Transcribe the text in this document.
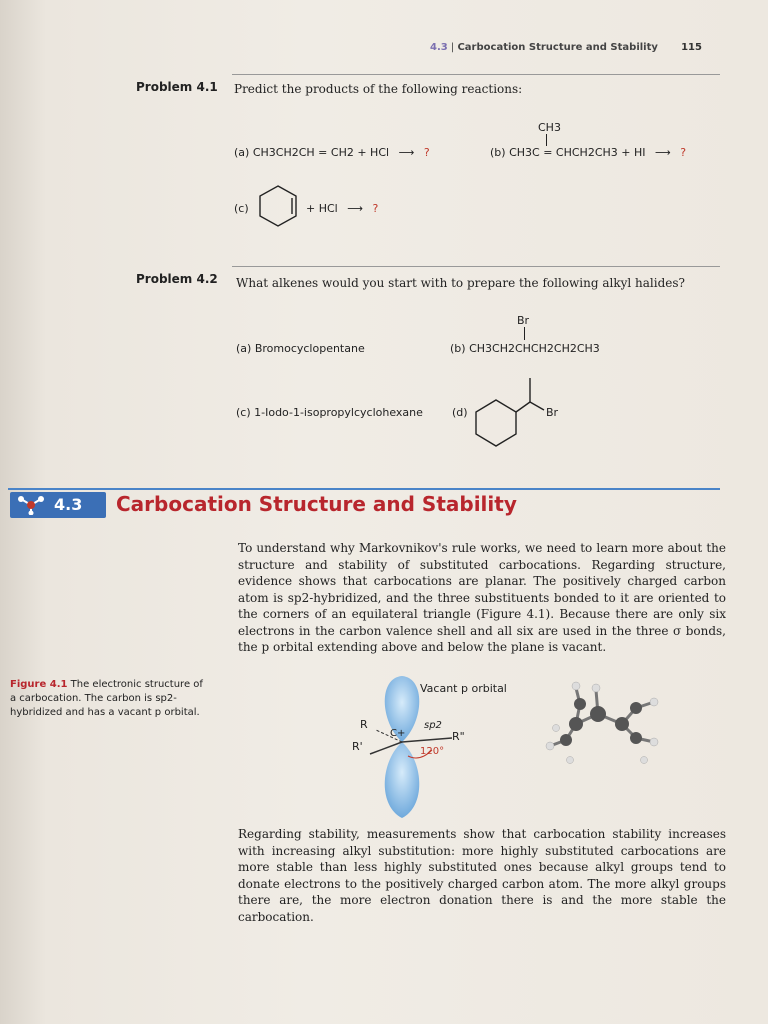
4.3 | Carbocation Structure and Stability 115
Problem 4.1 Predict the products of the following reactions:
(a) CH3CH2CH = CH2 + HCl ⟶ ?
CH3
(b) CH3C = CHCH2CH3 + HI ⟶ ?
(c)	+ HCl ⟶ ?
Problem 4.2 What alkenes would you start with to prepare the following alkyl halides?
(a) Bromocyclopentane
Br
(b) CH3CH2CHCH2CH2CH3
(c) 1-Iodo-1-isopropylcyclohexane	(d)	Br
4.3 Carbocation Structure and Stability
To understand why Markovnikov's rule works, we need to learn more about the structure and stability of substituted carbocations. Regarding structure, evidence shows that carbocations are planar. The positively charged carbon atom is sp2-hybridized, and the three substituents bonded to it are oriented to the corners of an equilateral triangle (Figure 4.1). Because there are only six electrons in the carbon valence shell and all six are used in the three σ bonds, the p orbital extending above and below the plane is vacant.
Figure 4.1 The electronic structure of a carbocation. The carbon is sp2-hybridized and has a vacant p orbital.
Vacant p orbital
R
R'
C+
sp2
R"
120°
Regarding stability, measurements show that carbocation stability increases with increasing alkyl substitution: more highly substituted carbocations are more stable than less highly substituted ones because alkyl groups tend to donate electrons to the positively charged carbon atom. The more alkyl groups there are, the more electron donation there is and the more stable the carbocation.
